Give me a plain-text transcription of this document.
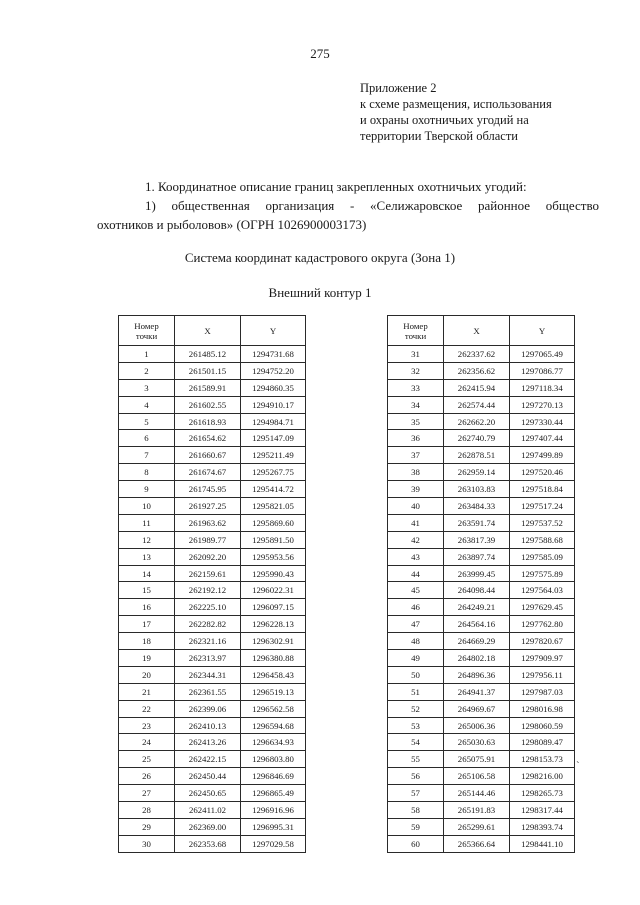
275
Приложение 2
к схеме размещения, использования
и охраны охотничьих угодий на
территории Тверской области
1. Координатное описание границ закрепленных охотничьих угодий:
1) общественная организация - «Селижаровское районное общество
охотников и рыболовов» (ОГРН 1026900003173)
Система координат кадастрового округа (Зона 1)
Внешний контур 1
Номер
точки	X	Y
1	261485.12	1294731.68
2	261501.15	1294752.20
3	261589.91	1294860.35
4	261602.55	1294910.17
5	261618.93	1294984.71
6	261654.62	1295147.09
7	261660.67	1295211.49
8	261674.67	1295267.75
9	261745.95	1295414.72
10	261927.25	1295821.05
11	261963.62	1295869.60
12	261989.77	1295891.50
13	262092.20	1295953.56
14	262159.61	1295990.43
15	262192.12	1296022.31
16	262225.10	1296097.15
17	262282.82	1296228.13
18	262321.16	1296302.91
19	262313.97	1296380.88
20	262344.31	1296458.43
21	262361.55	1296519.13
22	262399.06	1296562.58
23	262410.13	1296594.68
24	262413.26	1296634.93
25	262422.15	1296803.80
26	262450.44	1296846.69
27	262450.65	1296865.49
28	262411.02	1296916.96
29	262369.00	1296995.31
30	262353.68	1297029.58
Номер
точки	X	Y
31	262337.62	1297065.49
32	262356.62	1297086.77
33	262415.94	1297118.34
34	262574.44	1297270.13
35	262662.20	1297330.44
36	262740.79	1297407.44
37	262878.51	1297499.89
38	262959.14	1297520.46
39	263103.83	1297518.84
40	263484.33	1297517.24
41	263591.74	1297537.52
42	263817.39	1297588.68
43	263897.74	1297585.09
44	263999.45	1297575.89
45	264098.44	1297564.03
46	264249.21	1297629.45
47	264564.16	1297762.80
48	264669.29	1297820.67
49	264802.18	1297909.97
50	264896.36	1297956.11
51	264941.37	1297987.03
52	264969.67	1298016.98
53	265006.36	1298060.59
54	265030.63	1298089.47
55	265075.91	1298153.73
56	265106.58	1298216.00
57	265144.46	1298265.73
58	265191.83	1298317.44
59	265299.61	1298393.74
60	265366.64	1298441.10
`
